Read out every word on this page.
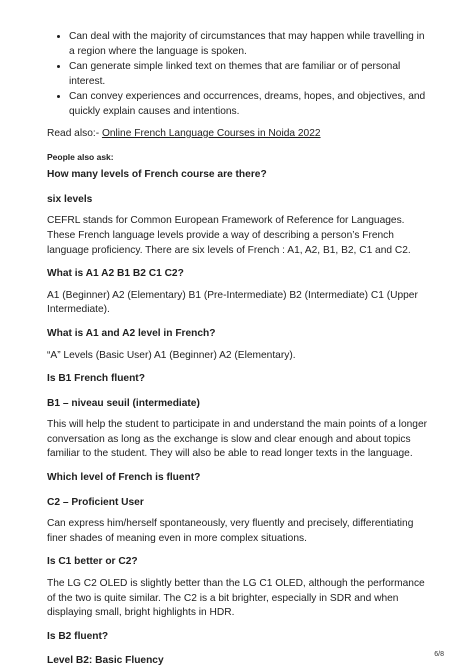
• Can deal with the majority of circumstances that may happen while travelling in a region where the language is spoken.
• Can generate simple linked text on themes that are familiar or of personal interest.
• Can convey experiences and occurrences, dreams, hopes, and objectives, and quickly explain causes and intentions.

Read also:- Online French Language Courses in Noida 2022

People also ask:

How many levels of French course are there?

six levels

CEFRL stands for Common European Framework of Reference for Languages. These French language levels provide a way of describing a person’s French language proficiency. There are six levels of French : A1, A2, B1, B2, C1 and C2.

What is A1 A2 B1 B2 C1 C2?

A1 (Beginner) A2 (Elementary) B1 (Pre-Intermediate) B2 (Intermediate) C1 (Upper Intermediate).

What is A1 and A2 level in French?

“A” Levels (Basic User) A1 (Beginner) A2 (Elementary).

Is B1 French fluent?

B1 – niveau seuil (intermediate)

This will help the student to participate in and understand the main points of a longer conversation as long as the exchange is slow and clear enough and about topics familiar to the student. They will also be able to read longer texts in the language.

Which level of French is fluent?

C2 – Proficient User

Can express him/herself spontaneously, very fluently and precisely, differentiating finer shades of meaning even in more complex situations.

Is C1 better or C2?

The LG C2 OLED is slightly better than the LG C1 OLED, although the performance of the two is quite similar. The C2 is a bit brighter, especially in SDR and when displaying small, bright highlights in HDR.

Is B2 fluent?

Level B2: Basic Fluency

6/8
